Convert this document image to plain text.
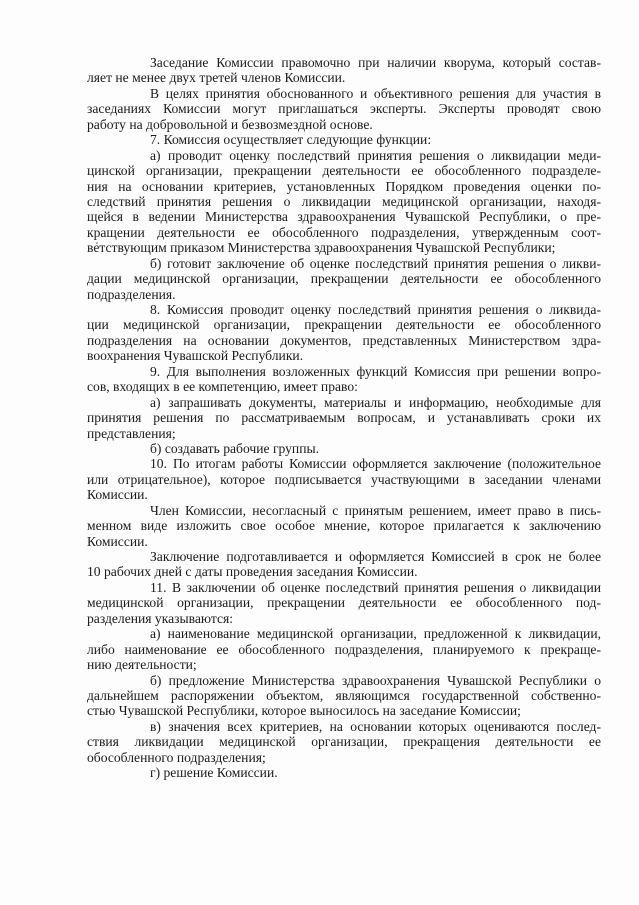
Заседание Комиссии правомочно при наличии кворума, который состав-
ляет не менее двух третей членов Комиссии.
В целях принятия обоснованного и объективного решения для участия в
заседаниях Комиссии могут приглашаться эксперты. Эксперты проводят свою
работу на добровольной и безвозмездной основе.
7. Комиссия осуществляет следующие функции:
а) проводит оценку последствий принятия решения о ликвидации меди-
цинской организации, прекращении деятельности ее обособленного подразделе-
ния на основании критериев, установленных Порядком проведения оценки по-
следствий принятия решения о ликвидации медицинской организации, находя-
щейся в ведении Министерства здравоохранения Чувашской Республики, о пре-
кращении деятельности ее обособленного подразделения, утвержденным соот-
ветствующим приказом Министерства здравоохранения Чувашской Республики;
б) готовит заключение об оценке последствий принятия решения о ликви-
дации медицинской организации, прекращении деятельности ее обособленного
подразделения.
8. Комиссия проводит оценку последствий принятия решения о ликвида-
ции медицинской организации, прекращении деятельности ее обособленного
подразделения на основании документов, представленных Министерством здра-
воохранения Чувашской Республики.
9. Для выполнения возложенных функций Комиссия при решении вопро-
сов, входящих в ее компетенцию, имеет право:
а) запрашивать документы, материалы и информацию, необходимые для
принятия решения по рассматриваемым вопросам, и устанавливать сроки их
представления;
б) создавать рабочие группы.
10. По итогам работы Комиссии оформляется заключение (положительное
или отрицательное), которое подписывается участвующими в заседании членами
Комиссии.
Член Комиссии, несогласный с принятым решением, имеет право в пись-
менном виде изложить свое особое мнение, которое прилагается к заключению
Комиссии.
Заключение подготавливается и оформляется Комиссией в срок не более
10 рабочих дней с даты проведения заседания Комиссии.
11. В заключении об оценке последствий принятия решения о ликвидации
медицинской организации, прекращении деятельности ее обособленного под-
разделения указываются:
а) наименование медицинской организации, предложенной к ликвидации,
либо наименование ее обособленного подразделения, планируемого к прекраще-
нию деятельности;
б) предложение Министерства здравоохранения Чувашской Республики о
дальнейшем распоряжении объектом, являющимся государственной собственно-
стью Чувашской Республики, которое выносилось на заседание Комиссии;
в) значения всех критериев, на основании которых оцениваются послед-
ствия ликвидации медицинской организации, прекращения деятельности ее
обособленного подразделения;
г) решение Комиссии.
